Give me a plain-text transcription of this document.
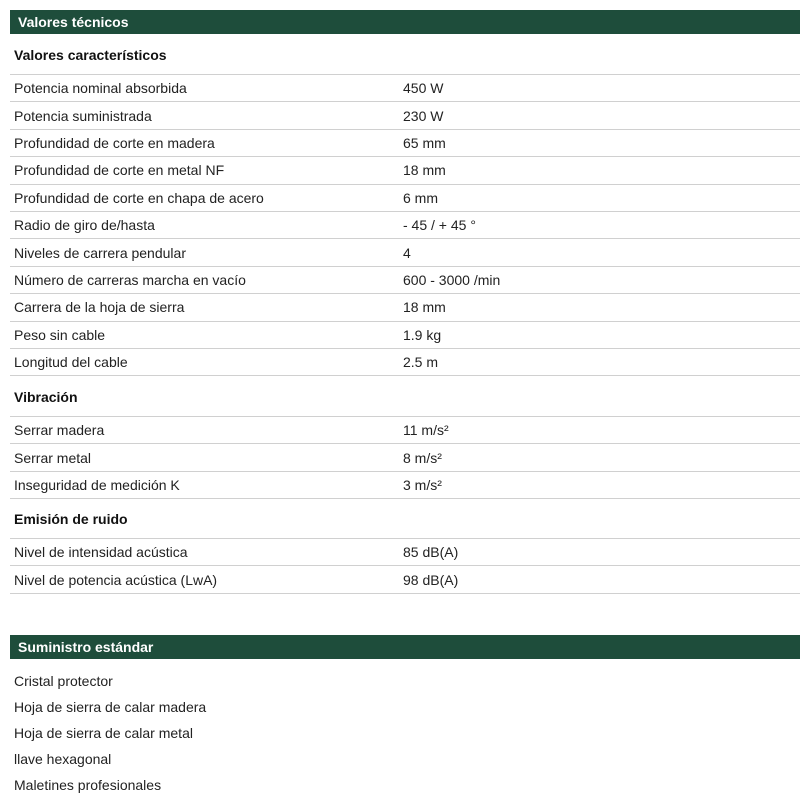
Valores técnicos
Valores característicos
Potencia nominal absorbida	450 W
Potencia suministrada	230 W
Profundidad de corte en madera	65 mm
Profundidad de corte en metal NF	18 mm
Profundidad de corte en chapa de acero	6 mm
Radio de giro de/hasta	- 45 / + 45 °
Niveles de carrera pendular	4
Número de carreras marcha en vacío	600 - 3000 /min
Carrera de la hoja de sierra	18 mm
Peso sin cable	1.9 kg
Longitud del cable	2.5 m
Vibración
Serrar madera	11 m/s²
Serrar metal	8 m/s²
Inseguridad de medición K	3 m/s²
Emisión de ruido
Nivel de intensidad acústica	85 dB(A)
Nivel de potencia acústica (LwA)	98 dB(A)
Suministro estándar
Cristal protector
Hoja de sierra de calar madera
Hoja de sierra de calar metal
llave hexagonal
Maletines profesionales
